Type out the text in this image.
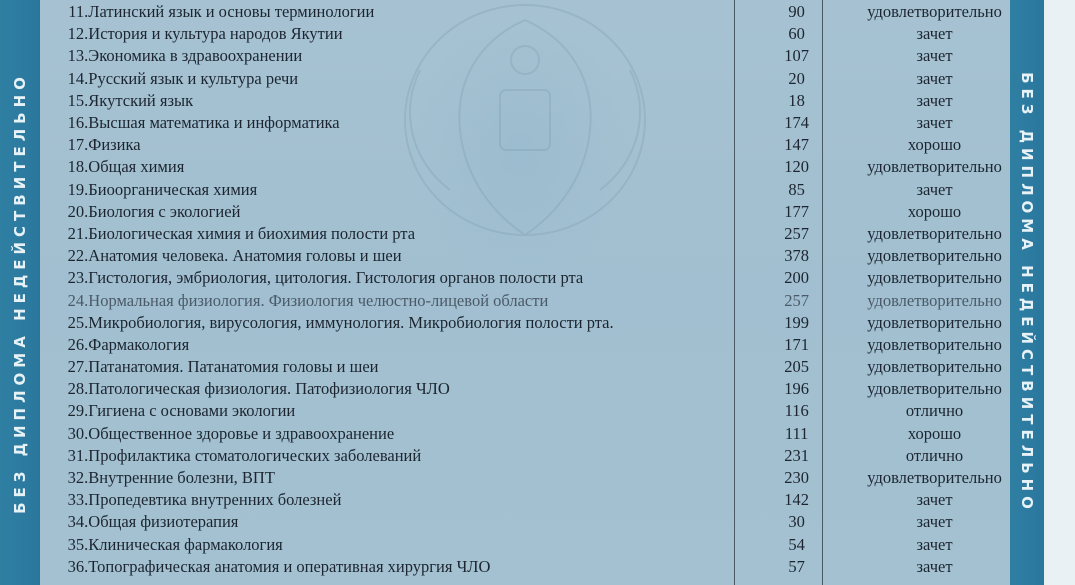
БЕЗ ДИПЛОМА НЕДЕЙСТВИТЕЛЬНО	БЕЗ ДИПЛОМА НЕДЕЙСТВИТЕЛЬНО
11.	Латинский язык и основы терминологии	90	удовлетворительно
12.	История и культура народов Якутии	60	зачет
13.	Экономика в здравоохранении	107	зачет
14.	Русский язык и культура речи	20	зачет
15.	Якутский язык	18	зачет
16.	Высшая математика и информатика	174	зачет
17.	Физика	147	хорошо
18.	Общая химия	120	удовлетворительно
19.	Биоорганическая химия	85	зачет
20.	Биология с экологией	177	хорошо
21.	Биологическая химия и биохимия полости рта	257	удовлетворительно
22.	Анатомия человека. Анатомия головы и шеи	378	удовлетворительно
23.	Гистология, эмбриология, цитология. Гистология органов полости рта	200	удовлетворительно
24.	Нормальная физиология. Физиология челюстно-лицевой области	257	удовлетворительно
25.	Микробиология, вирусология, иммунология. Микробиология полости рта.	199	удовлетворительно
26.	Фармакология	171	удовлетворительно
27.	Патанатомия. Патанатомия головы и шеи	205	удовлетворительно
28.	Патологическая физиология. Патофизиология ЧЛО	196	удовлетворительно
29.	Гигиена с основами экологии	116	отлично
30.	Общественное здоровье и здравоохранение	111	хорошо
31.	Профилактика стоматологических заболеваний	231	отлично
32.	Внутренние болезни, ВПТ	230	удовлетворительно
33.	Пропедевтика внутренних болезней	142	зачет
34.	Общая физиотерапия	30	зачет
35.	Клиническая фармакология	54	зачет
36.	Топографическая анатомия и оперативная хирургия ЧЛО	57	зачет
